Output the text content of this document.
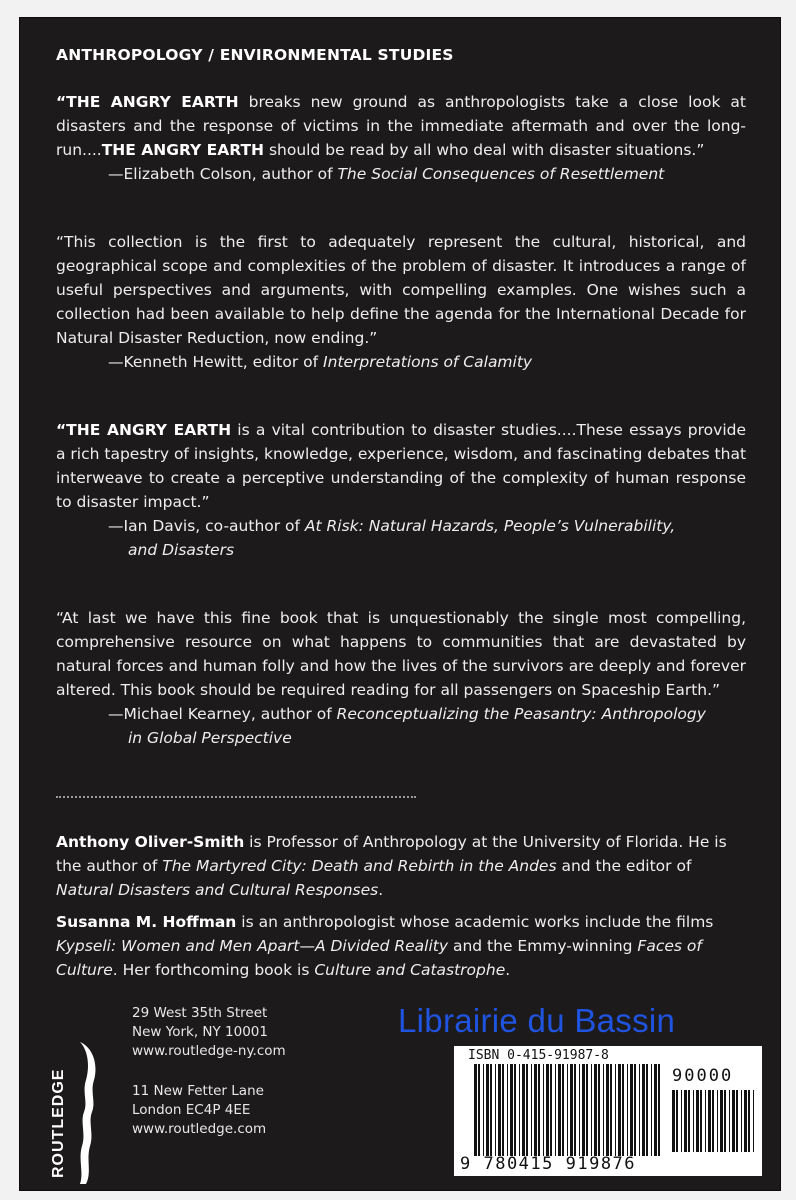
ANTHROPOLOGY / ENVIRONMENTAL STUDIES

“THE ANGRY EARTH breaks new ground as anthropologists take a close look at disasters and the response of victims in the immediate aftermath and over the long-run....THE ANGRY EARTH should be read by all who deal with disaster situations.”

—Elizabeth Colson, author of The Social Consequences of Resettlement

“This collection is the first to adequately represent the cultural, historical, and geographical scope and complexities of the problem of disaster. It introduces a range of useful perspectives and arguments, with compelling examples. One wishes such a collection had been available to help define the agenda for the International Decade for Natural Disaster Reduction, now ending.”

—Kenneth Hewitt, editor of Interpretations of Calamity

“THE ANGRY EARTH is a vital contribution to disaster studies....These essays provide a rich tapestry of insights, knowledge, experience, wisdom, and fascinating debates that interweave to create a perceptive understanding of the complexity of human response to disaster impact.”

—Ian Davis, co-author of At Risk: Natural Hazards, People’s Vulnerability,
and Disasters

“At last we have this fine book that is unquestionably the single most compelling, comprehensive resource on what happens to communities that are devastated by natural forces and human folly and how the lives of the survivors are deeply and forever altered. This book should be required reading for all passengers on Spaceship Earth.”

—Michael Kearney, author of Reconceptualizing the Peasantry: Anthropology
in Global Perspective

Anthony Oliver-Smith is Professor of Anthropology at the University of Florida. He is the author of The Martyred City: Death and Rebirth in the Andes and the editor of Natural Disasters and Cultural Responses.

Susanna M. Hoffman is an anthropologist whose academic works include the films Kypseli: Women and Men Apart—A Divided Reality and the Emmy-winning Faces of Culture. Her forthcoming book is Culture and Catastrophe.

ROUTLEDGE
29 West 35th Street
New York, NY 10001
www.routledge-ny.com
11 New Fetter Lane
London EC4P 4EE
www.routledge.com
ISBN 0-415-91987-8
90000
9 780415 919876
Librairie du Bassin
